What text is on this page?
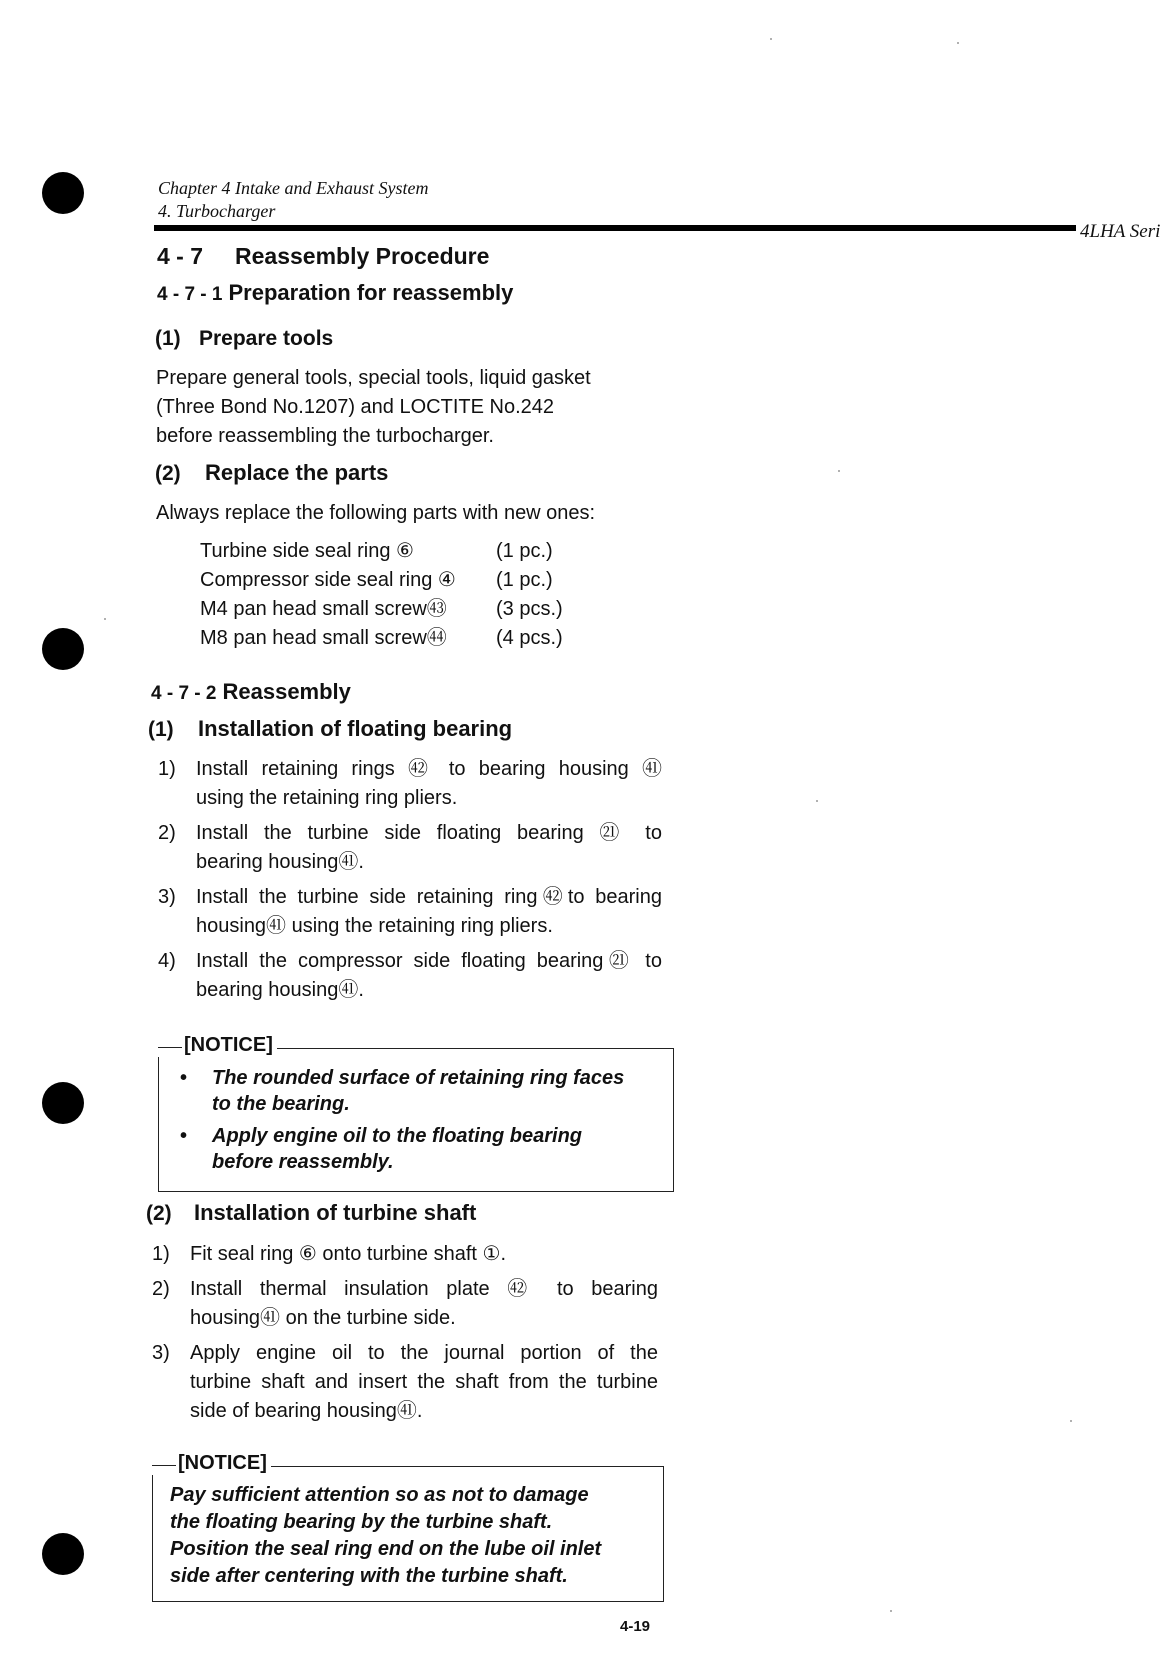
Chapter 4 Intake and Exhaust System
4. Turbocharger
4LHA Seri
4 - 7 Reassembly Procedure
4 - 7 - 1 Preparation for reassembly
(1) Prepare tools
Prepare general tools, special tools, liquid gasket
(Three Bond No.1207) and LOCTITE No.242
before reassembling the turbocharger.
(2) Replace the parts
Always replace the following parts with new ones:
Turbine side seal ring ⑥	(1 pc.)
Compressor side seal ring ④	(1 pc.)
M4 pan head small screw㊸	(3 pcs.)
M8 pan head small screw㊹	(4 pcs.)
4 - 7 - 2 Reassembly
(1) Installation of floating bearing
1)	Install retaining rings ㊷ to bearing housing ㊶
using the retaining ring pliers.
2)	Install the turbine side floating bearing ㉑ to
bearing housing㊶.
3)	Install the turbine side retaining ring㊷to bearing
housing㊶ using the retaining ring pliers.
4)	Install the compressor side floating bearing㉑ to
bearing housing㊶.
[NOTICE]
•	The rounded surface of retaining ring faces
to the bearing.
•	Apply engine oil to the floating bearing
before reassembly.
(2) Installation of turbine shaft
1)	Fit seal ring ⑥ onto turbine shaft ①.
2)	Install thermal insulation plate ㊷ to bearing
housing㊶ on the turbine side.
3)	Apply engine oil to the journal portion of the
turbine shaft and insert the shaft from the turbine
side of bearing housing㊶.
[NOTICE]
Pay sufficient attention so as not to damage
the floating bearing by the turbine shaft.
Position the seal ring end on the lube oil inlet
side after centering with the turbine shaft.
4-19
